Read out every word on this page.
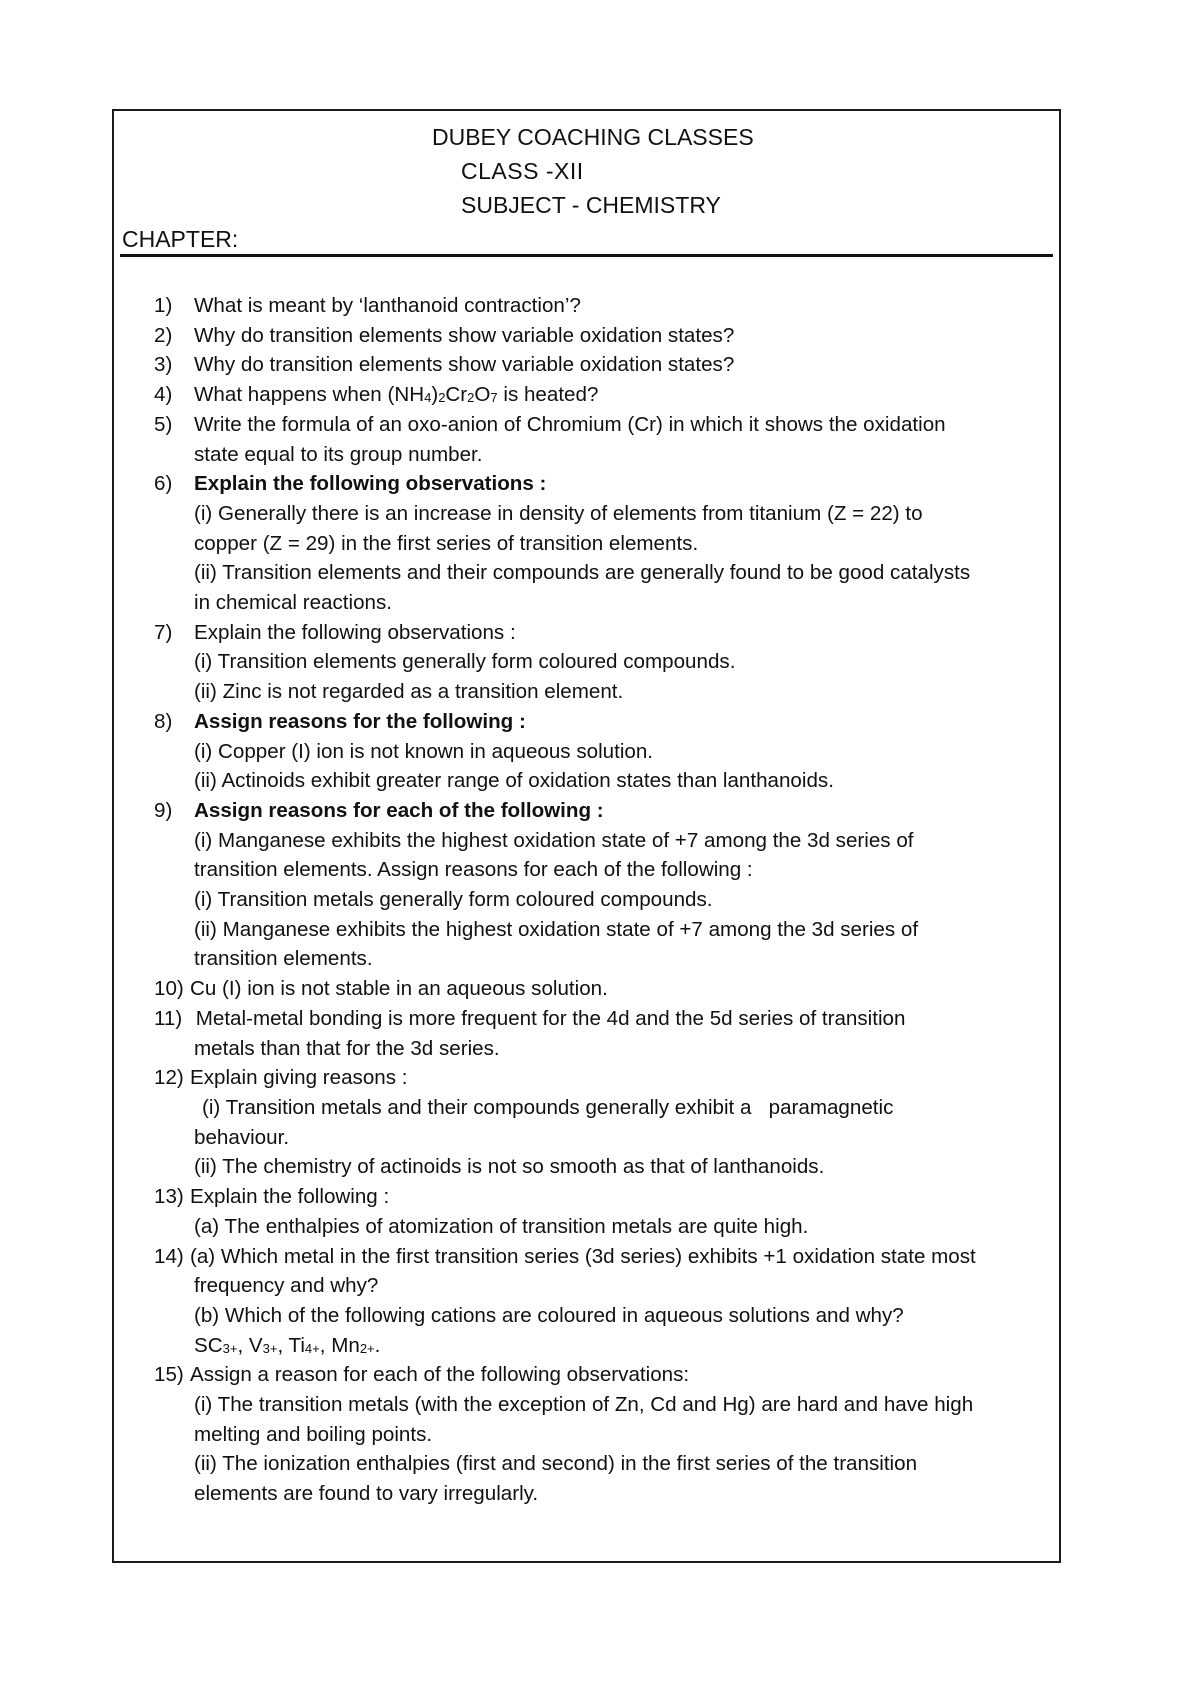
DUBEY COACHING CLASSES
CLASS -XII
SUBJECT - CHEMISTRY
CHAPTER:
1)	What is meant by ‘lanthanoid contraction’?
2)	Why do transition elements show variable oxidation states?
3)	Why do transition elements show variable oxidation states?
4)	What happens when $(NH_4)_2Cr_2O_7$ is heated?
5)	Write the formula of an oxo-anion of Chromium (Cr) in which it shows the oxidation
state equal to its group number.
6)	Explain the following observations :
(i) Generally there is an increase in density of elements from titanium (Z = 22) to
copper (Z = 29) in the first series of transition elements.
(ii) Transition elements and their compounds are generally found to be good catalysts
in chemical reactions.
7)	Explain the following observations :
(i) Transition elements generally form coloured compounds.
(ii) Zinc is not regarded as a transition element.
8)	Assign reasons for the following :
(i) Copper (I) ion is not known in aqueous solution.
(ii) Actinoids exhibit greater range of oxidation states than lanthanoids.
9)	Assign reasons for each of the following :
(i) Manganese exhibits the highest oxidation state of +7 among the 3d series of
transition elements. Assign reasons for each of the following :
(i) Transition metals generally form coloured compounds.
(ii) Manganese exhibits the highest oxidation state of +7 among the 3d series of
transition elements.
10) Cu (I) ion is not stable in an aqueous solution.
11) Metal-metal bonding is more frequent for the 4d and the 5d series of transition
metals than that for the 3d series.
12) Explain giving reasons :
(i) Transition metals and their compounds generally exhibit a   paramagnetic
behaviour.
(ii) The chemistry of actinoids is not so smooth as that of lanthanoids.
13) Explain the following :
(a) The enthalpies of atomization of transition metals are quite high.
14) (a) Which metal in the first transition series (3d series) exhibits +1 oxidation state most
frequency and why?
(b) Which of the following cations are coloured in aqueous solutions and why?
$SC^{3+}$, $V^{3+}$, $Ti^{4+}$, $Mn^{2+}$.
15) Assign a reason for each of the following observations:
(i) The transition metals (with the exception of Zn, Cd and Hg) are hard and have high
melting and boiling points.
(ii) The ionization enthalpies (first and second) in the first series of the transition
elements are found to vary irregularly.
